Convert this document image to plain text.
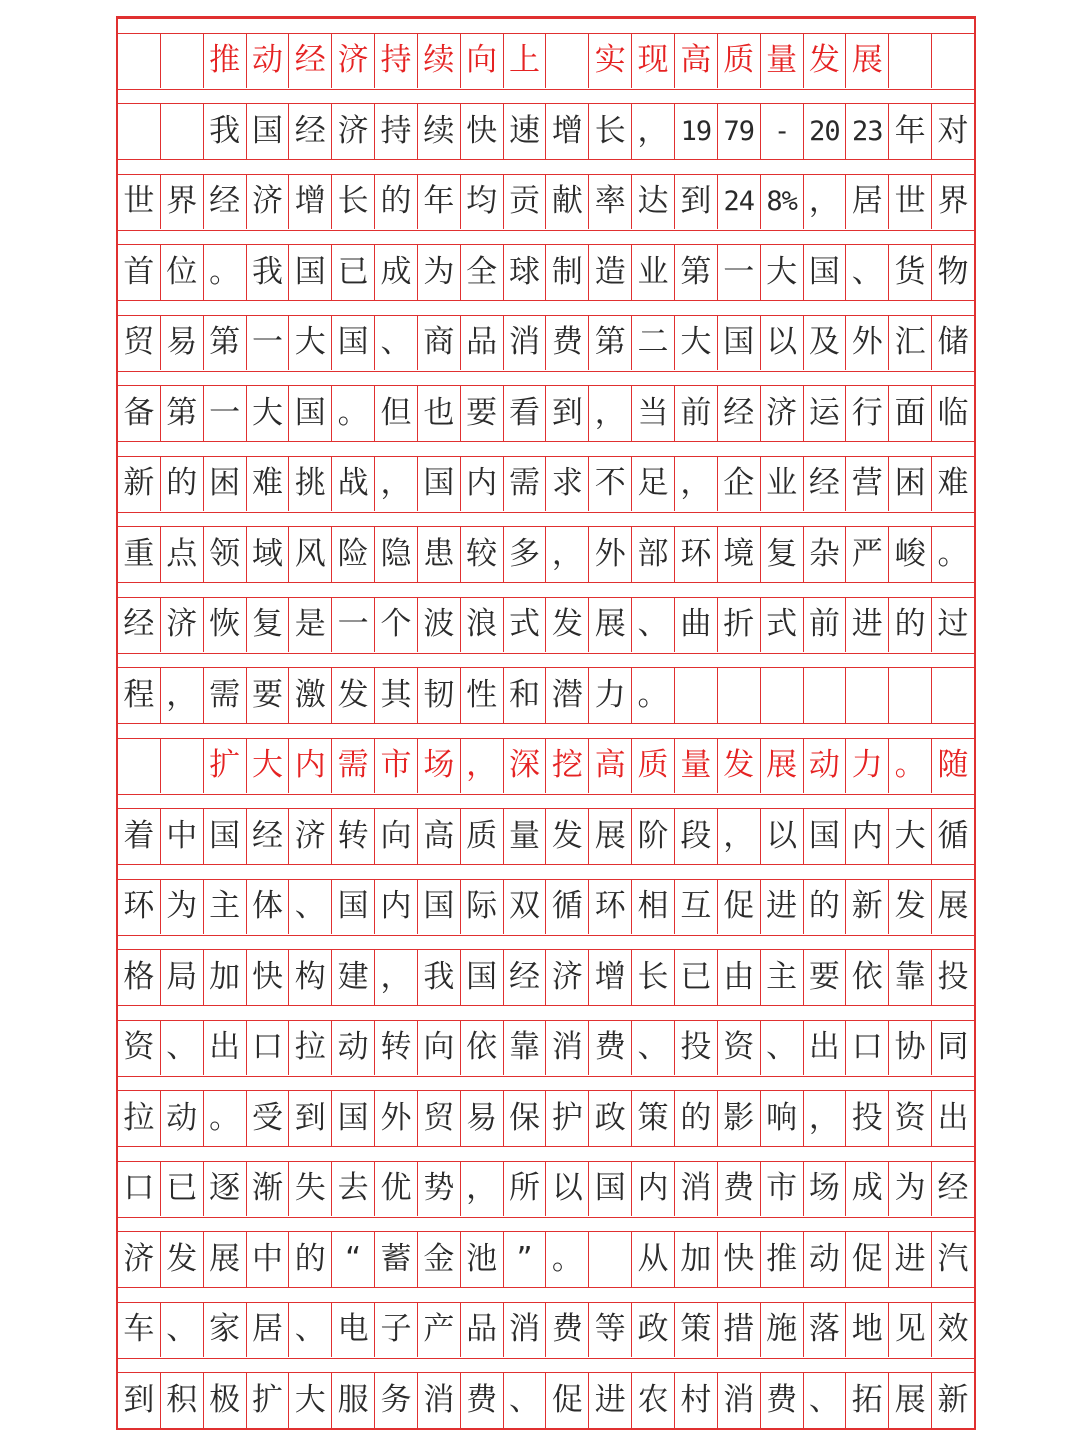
推 动 经 济 持 续 向 上 实 现 高 质 量 发 展
我 国 经 济 持 续 快 速 增 长 ， 19 79 - 20 23 年 对
世 界 经 济 增 长 的 年 均 贡 献 率 达 到 24 8% ， 居 世 界
首 位 。 我 国 已 成 为 全 球 制 造 业 第 一 大 国 、 货 物
贸 易 第 一 大 国 、 商 品 消 费 第 二 大 国 以 及 外 汇 储
备 第 一 大 国 。 但 也 要 看 到 ， 当 前 经 济 运 行 面 临
新 的 困 难 挑 战 ， 国 内 需 求 不 足 ， 企 业 经 营 困 难
重 点 领 域 风 险 隐 患 较 多 ， 外 部 环 境 复 杂 严 峻 。
经 济 恢 复 是 一 个 波 浪 式 发 展 、 曲 折 式 前 进 的 过
程 ， 需 要 激 发 其 韧 性 和 潜 力 。
扩 大 内 需 市 场 ， 深 挖 高 质 量 发 展 动 力 。 随
着 中 国 经 济 转 向 高 质 量 发 展 阶 段 ， 以 国 内 大 循
环 为 主 体 、 国 内 国 际 双 循 环 相 互 促 进 的 新 发 展
格 局 加 快 构 建 ， 我 国 经 济 增 长 已 由 主 要 依 靠 投
资 、 出 口 拉 动 转 向 依 靠 消 费 、 投 资 、 出 口 协 同
拉 动 。 受 到 国 外 贸 易 保 护 政 策 的 影 响 ， 投 资 出
口 已 逐 渐 失 去 优 势 ， 所 以 国 内 消 费 市 场 成 为 经
济 发 展 中 的 “ 蓄 金 池 ” 。 从 加 快 推 动 促 进 汽
车 、 家 居 、 电 子 产 品 消 费 等 政 策 措 施 落 地 见 效
到 积 极 扩 大 服 务 消 费 、 促 进 农 村 消 费 、 拓 展 新
